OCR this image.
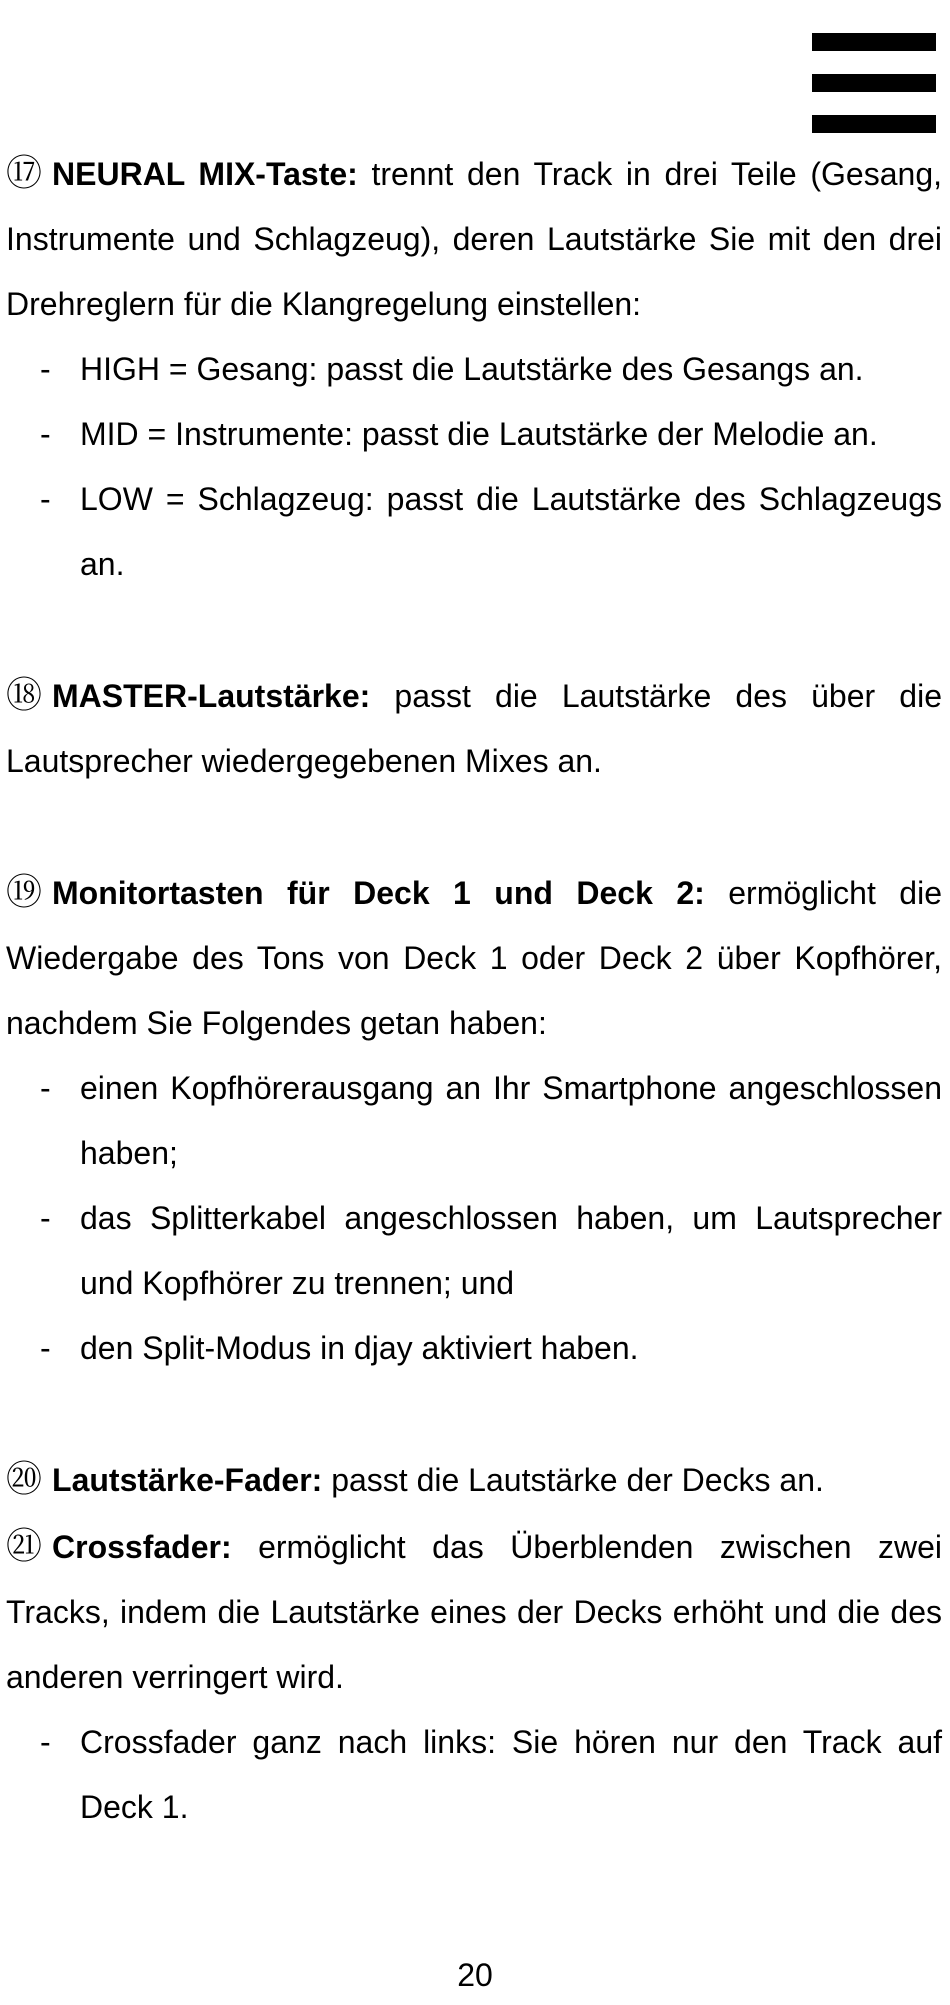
⑰ NEURAL MIX-Taste: trennt den Track in drei Teile (Gesang, Instrumente und Schlagzeug), deren Lautstärke Sie mit den drei Drehreglern für die Klangregelung einstellen:

- HIGH = Gesang: passt die Lautstärke des Gesangs an.
- MID = Instrumente: passt die Lautstärke der Melodie an.
- LOW = Schlagzeug: passt die Lautstärke des Schlagzeugs an.

⑱ MASTER-Lautstärke: passt die Lautstärke des über die Lautsprecher wiedergegebenen Mixes an.

⑲ Monitortasten für Deck 1 und Deck 2: ermöglicht die Wiedergabe des Tons von Deck 1 oder Deck 2 über Kopfhörer, nachdem Sie Folgendes getan haben:

- einen Kopfhörerausgang an Ihr Smartphone angeschlossen haben;
- das Splitterkabel angeschlossen haben, um Lautsprecher und Kopfhörer zu trennen; und
- den Split-Modus in djay aktiviert haben.

⑳ Lautstärke-Fader: passt die Lautstärke der Decks an.

㉑ Crossfader: ermöglicht das Überblenden zwischen zwei Tracks, indem die Lautstärke eines der Decks erhöht und die des anderen verringert wird.

- Crossfader ganz nach links: Sie hören nur den Track auf Deck 1.
20
